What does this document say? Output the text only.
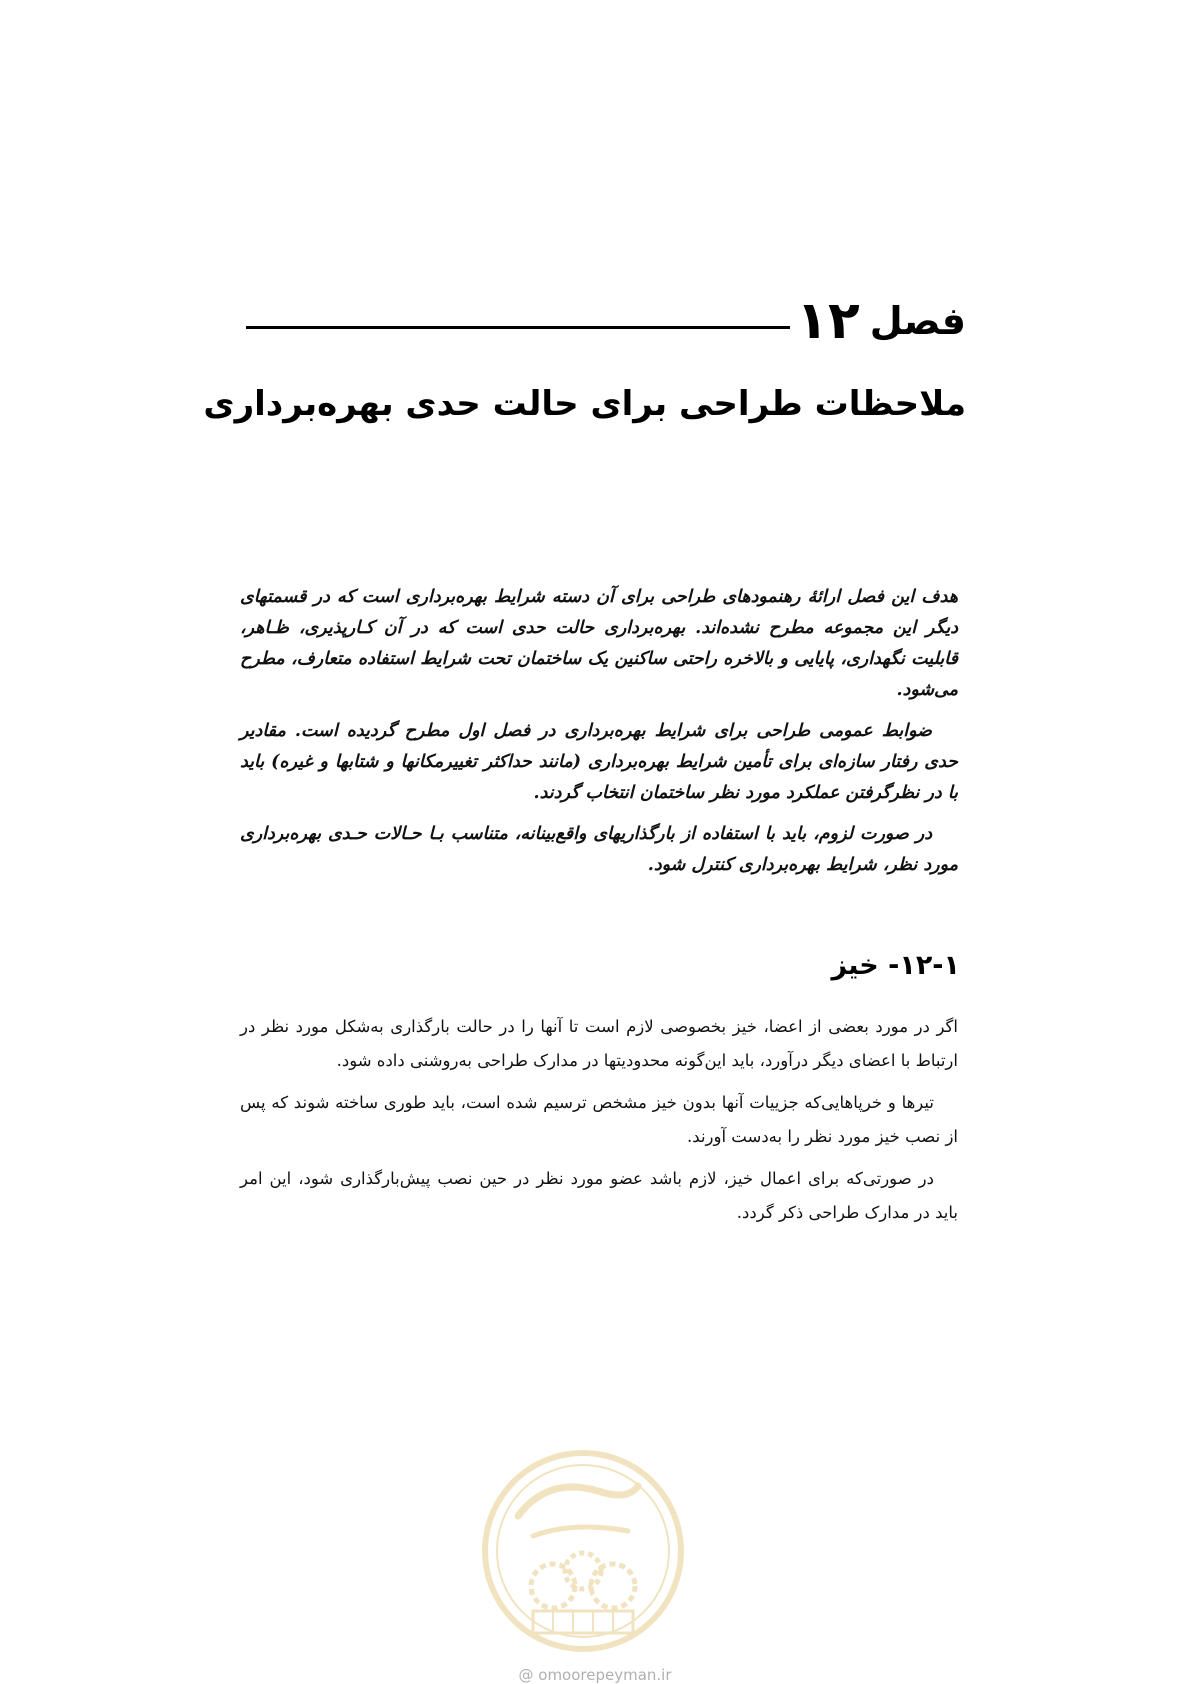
فصل
۱۲
ملاحظات طراحی برای حالت حدی بهره‌برداری

هدف این فصل ارائۀ رهنمودهای طراحی برای آن دسته شرایط بهره‌برداری است که در قسمتهای دیگر این مجموعه مطرح نشده‌اند. بهره‌برداری حالت حدی است که در آن کـارپذیری، ظـاهر، قابلیت نگهداری، پایایی و بالاخره راحتی ساکنین یک ساختمان تحت شرایط استفاده متعارف، مطرح می‌شود.

ضوابط عمومی طراحی برای شرایط بهره‌برداری در فصل اول مطرح گردیده است. مقادیر حدی رفتار سازه‌ای برای تأمین شرایط بهره‌برداری (مانند حداکثر تغییرمکانها و شتابها و غیره) باید با در نظرگرفتن عملکرد مورد نظر ساختمان انتخاب گردند.

در صورت لزوم، باید با استفاده از بارگذاریهای واقع‌بینانه، متناسب بـا حـالات حـدی بهره‌برداری مورد نظر، شرایط بهره‌برداری کنترل شود.

۱۲-۱- خیز

اگر در مورد بعضی از اعضا، خیز بخصوصی لازم است تا آنها را در حالت بارگذاری به‌شکل مورد نظر در ارتباط با اعضای دیگر درآورد، باید این‌گونه محدودیتها در مدارک طراحی به‌روشنی داده شود.

تیرها و خرپاهایی‌که جزییات آنها بدون خیز مشخص ترسیم شده است، باید طوری ساخته شوند که پس از نصب خیز مورد نظر را به‌دست آورند.

در صورتی‌که برای اعمال خیز، لازم باشد عضو مورد نظر در حین نصب پیش‌بارگذاری شود، این امر باید در مدارک طراحی ذکر گردد.

@ omoorepeyman.ir
